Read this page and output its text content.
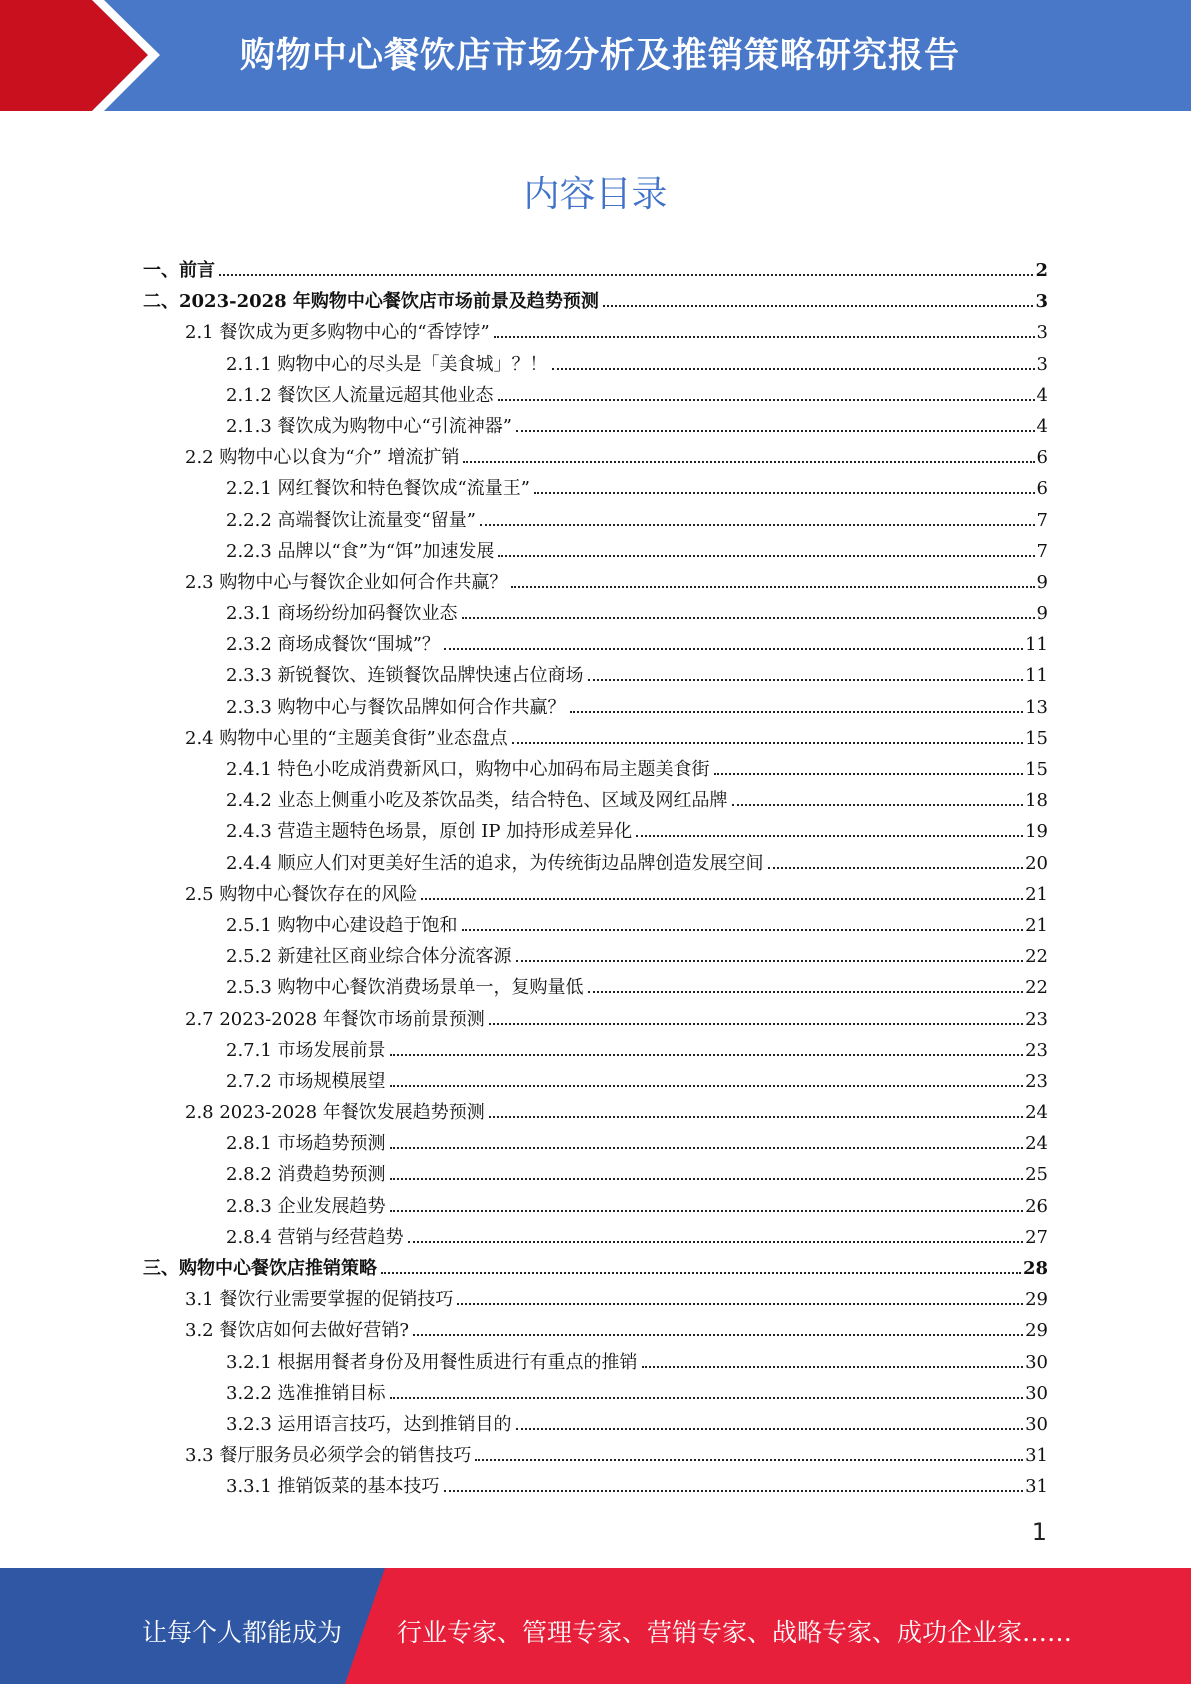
购物中心餐饮店市场分析及推销策略研究报告
内容目录
一、前言	2
二、2023-2028 年购物中心餐饮店市场前景及趋势预测	3
2.1 餐饮成为更多购物中心的“香饽饽”	3
2.1.1 购物中心的尽头是「美食城」？！	3
2.1.2 餐饮区人流量远超其他业态	4
2.1.3 餐饮成为购物中心“引流神器”	4
2.2 购物中心以食为“介” 增流扩销	6
2.2.1 网红餐饮和特色餐饮成“流量王”	6
2.2.2 高端餐饮让流量变“留量”	7
2.2.3 品牌以“食”为“饵”加速发展	7
2.3 购物中心与餐饮企业如何合作共赢？	9
2.3.1 商场纷纷加码餐饮业态	9
2.3.2 商场成餐饮“围城”？	11
2.3.3 新锐餐饮、连锁餐饮品牌快速占位商场	11
2.3.3 购物中心与餐饮品牌如何合作共赢？	13
2.4 购物中心里的“主题美食街”业态盘点	15
2.4.1 特色小吃成消费新风口，购物中心加码布局主题美食街	15
2.4.2 业态上侧重小吃及茶饮品类，结合特色、区域及网红品牌	18
2.4.3 营造主题特色场景，原创 IP 加持形成差异化	19
2.4.4 顺应人们对更美好生活的追求，为传统街边品牌创造发展空间	20
2.5 购物中心餐饮存在的风险	21
2.5.1 购物中心建设趋于饱和	21
2.5.2 新建社区商业综合体分流客源	22
2.5.3 购物中心餐饮消费场景单一，复购量低	22
2.7 2023-2028 年餐饮市场前景预测	23
2.7.1 市场发展前景	23
2.7.2 市场规模展望	23
2.8 2023-2028 年餐饮发展趋势预测	24
2.8.1 市场趋势预测	24
2.8.2 消费趋势预测	25
2.8.3 企业发展趋势	26
2.8.4 营销与经营趋势	27
三、购物中心餐饮店推销策略	28
3.1 餐饮行业需要掌握的促销技巧	29
3.2 餐饮店如何去做好营销?	29
3.2.1 根据用餐者身份及用餐性质进行有重点的推销	30
3.2.2 选准推销目标	30
3.2.3 运用语言技巧，达到推销目的	30
3.3 餐厅服务员必须学会的销售技巧	31
3.3.1 推销饭菜的基本技巧	31
1
让每个人都能成为 行业专家、管理专家、营销专家、战略专家、成功企业家……
